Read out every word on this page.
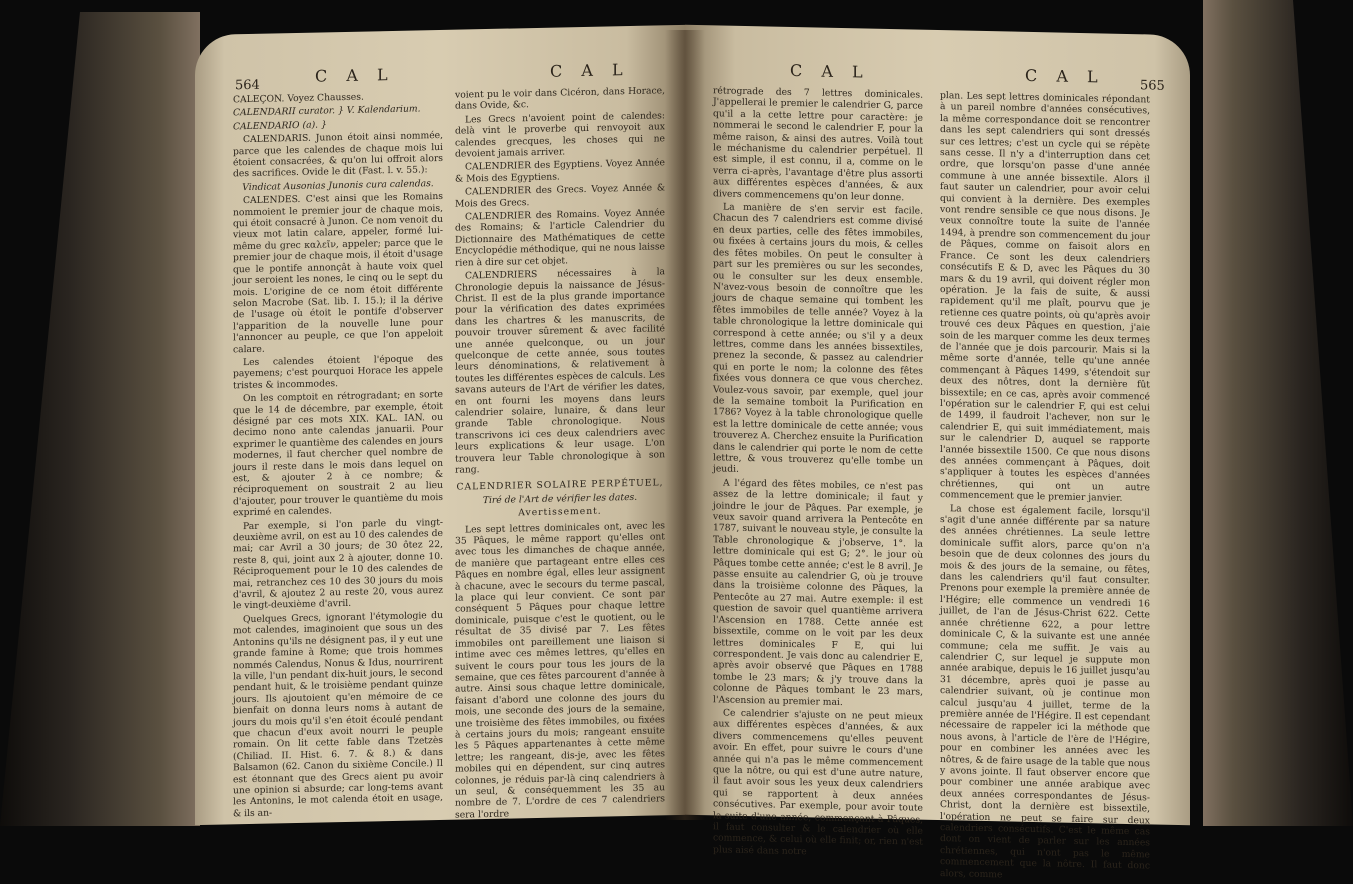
564	C A L	C A L

CALEÇON. Voyez Chausses.

CALENDARII curator. } V. Kalendarium.

CALENDARIO (a). }

CALENDARIS. Junon étoit ainsi nommée, parce que les calendes de chaque mois lui étoient consacrées, & qu'on lui offroit alors des sacrifices. Ovide le dit (Fast. l. v. 55.):

Vindicat Ausonias Junonis cura calendas.

CALENDES. C'est ainsi que les Romains nommoient le premier jour de chaque mois, qui étoit consacré à Junon. Ce nom venoit du vieux mot latin calare, appeler, formé lui-même du grec καλεῖν, appeler; parce que le premier jour de chaque mois, il étoit d'usage que le pontife annonçât à haute voix quel jour seroient les nones, le cinq ou le sept du mois. L'origine de ce nom étoit différente selon Macrobe (Sat. lib. I. 15.); il la dérive de l'usage où étoit le pontife d'observer l'apparition de la nouvelle lune pour l'annoncer au peuple, ce que l'on appeloit calare.

Les calendes étoient l'époque des payemens; c'est pourquoi Horace les appele tristes & incommodes.

On les comptoit en rétrogradant; en sorte que le 14 de décembre, par exemple, étoit désigné par ces mots XIX. KAL. IAN. ou decimo nono ante calendas januarii. Pour exprimer le quantième des calendes en jours modernes, il faut chercher quel nombre de jours il reste dans le mois dans lequel on est, & ajouter 2 à ce nombre; & réciproquement on soustrait 2 au lieu d'ajouter, pour trouver le quantième du mois exprimé en calendes.

Par exemple, si l'on parle du vingt-deuxième avril, on est au 10 des calendes de mai; car Avril a 30 jours; de 30 ôtez 22, reste 8, qui, joint aux 2 à ajouter, donne 10. Réciproquement pour le 10 des calendes de mai, retranchez ces 10 des 30 jours du mois d'avril, & ajoutez 2 au reste 20, vous aurez le vingt-deuxième d'avril.

Quelques Grecs, ignorant l'étymologie du mot calendes, imaginoient que sous un des Antonins qu'ils ne désignent pas, il y eut une grande famine à Rome; que trois hommes nommés Calendus, Nonus & Idus, nourrirent la ville, l'un pendant dix-huit jours, le second pendant huit, & le troisième pendant quinze jours. Ils ajoutoient qu'en mémoire de ce bienfait on donna leurs noms à autant de jours du mois qu'il s'en étoit écoulé pendant que chacun d'eux avoit nourri le peuple romain. On lit cette fable dans Tzetzès (Chiliad. II. Hist. 6. 7. & 8.) & dans Balsamon (62. Canon du sixième Concile.) Il est étonnant que des Grecs aient pu avoir une opinion si absurde; car long-tems avant les Antonins, le mot calenda étoit en usage, & ils an-

voient pu le voir dans Cicéron, dans Horace, dans Ovide, &c.

Les Grecs n'avoient point de calendes: delà vint le proverbe qui renvoyoit aux calendes grecques, les choses qui ne devoient jamais arriver.

CALENDRIER des Egyptiens. Voyez Année & Mois des Egyptiens.

CALENDRIER des Grecs. Voyez Année & Mois des Grecs.

CALENDRIER des Romains. Voyez Année des Romains; & l'article Calendrier du Dictionnaire des Mathématiques de cette Encyclopédie méthodique, qui ne nous laisse rien à dire sur cet objet.

CALENDRIERS nécessaires à la Chronologie depuis la naissance de Jésus-Christ. Il est de la plus grande importance pour la vérification des dates exprimées dans les chartres & les manuscrits, de pouvoir trouver sûrement & avec facilité une année quelconque, ou un jour quelconque de cette année, sous toutes leurs dénominations, & relativement à toutes les différentes espèces de calculs. Les savans auteurs de l'Art de vérifier les dates, en ont fourni les moyens dans leurs calendrier solaire, lunaire, & dans leur grande Table chronologique. Nous transcrivons ici ces deux calendriers avec leurs explications & leur usage. L'on trouvera leur Table chronologique à son rang.

CALENDRIER SOLAIRE PERPÉTUEL,

Tiré de l'Art de vérifier les dates.

Avertissement.

Les sept lettres dominicales ont, avec les 35 Pâques, le même rapport qu'elles ont avec tous les dimanches de chaque année, de manière que partageant entre elles ces Pâques en nombre égal, elles leur assignent à chacune, avec le secours du terme pascal, la place qui leur convient. Ce sont par conséquent 5 Pâques pour chaque lettre dominicale, puisque c'est le quotient, ou le résultat de 35 divisé par 7. Les fêtes immobiles ont pareillement une liaison si intime avec ces mêmes lettres, qu'elles en suivent le cours pour tous les jours de la semaine, que ces fêtes parcourent d'année à autre. Ainsi sous chaque lettre dominicale, faisant d'abord une colonne des jours du mois, une seconde des jours de la semaine, une troisième des fêtes immobiles, ou fixées à certains jours du mois; rangeant ensuite les 5 Pâques appartenantes à cette même lettre; les rangeant, dis-je, avec les fêtes mobiles qui en dépendent, sur cinq autres colonnes, je réduis par-là cinq calendriers à un seul, & conséquemment les 35 au nombre de 7. L'ordre de ces 7 calendriers sera l'ordre

C A L	C A L	565

rétrograde des 7 lettres dominicales. J'appellerai le premier le calendrier G, parce qu'il a la cette lettre pour caractère: je nommerai le second le calendrier F, pour la même raison, & ainsi des autres. Voilà tout le méchanisme du calendrier perpétuel. Il est simple, il est connu, il a, comme on le verra ci-après, l'avantage d'être plus assorti aux différentes espèces d'années, & aux divers commencemens qu'on leur donne.

La manière de s'en servir est facile. Chacun des 7 calendriers est comme divisé en deux parties, celle des fêtes immobiles, ou fixées à certains jours du mois, & celles des fêtes mobiles. On peut le consulter à part sur les premières ou sur les secondes, ou le consulter sur les deux ensemble. N'avez-vous besoin de connoître que les jours de chaque semaine qui tombent les fêtes immobiles de telle année? Voyez à la table chronologique la lettre dominicale qui correspond à cette année; ou s'il y a deux lettres, comme dans les années bissextiles, prenez la seconde, & passez au calendrier qui en porte le nom; la colonne des fêtes fixées vous donnera ce que vous cherchez. Voulez-vous savoir, par exemple, quel jour de la semaine tomboit la Purification en 1786? Voyez à la table chronologique quelle est la lettre dominicale de cette année; vous trouverez A. Cherchez ensuite la Purification dans le calendrier qui porte le nom de cette lettre, & vous trouverez qu'elle tombe un jeudi.

A l'égard des fêtes mobiles, ce n'est pas assez de la lettre dominicale; il faut y joindre le jour de Pâques. Par exemple, je veux savoir quand arrivera la Pentecôte en 1787, suivant le nouveau style, je consulte la Table chronologique & j'observe, 1°. la lettre dominicale qui est G; 2°. le jour où Pâques tombe cette année; c'est le 8 avril. Je passe ensuite au calendrier G, où je trouve dans la troisième colonne des Pâques, la Pentecôte au 27 mai. Autre exemple: il est question de savoir quel quantième arrivera l'Ascension en 1788. Cette année est bissextile, comme on le voit par les deux lettres dominicales F E, qui lui correspondent. Je vais donc au calendrier E, après avoir observé que Pâques en 1788 tombe le 23 mars; & j'y trouve dans la colonne de Pâques tombant le 23 mars, l'Ascension au premier mai.

Ce calendrier s'ajuste on ne peut mieux aux différentes espèces d'années, & aux divers commencemens qu'elles peuvent avoir. En effet, pour suivre le cours d'une année qui n'a pas le même commencement que la nôtre, ou qui est d'une autre nature, il faut avoir sous les yeux deux calendriers qui se rapportent à deux années consécutives. Par exemple, pour avoir toute la suite d'une année, commençant à Pâques, il faut consulter & le calendrier où elle commence, & celui où elle finit; or, rien n'est plus aisé dans notre

plan. Les sept lettres dominicales répondant à un pareil nombre d'années consécutives, la même correspondance doit se rencontrer dans les sept calendriers qui sont dressés sur ces lettres; c'est un cycle qui se répète sans cesse. Il n'y a d'interruption dans cet ordre, que lorsqu'on passe d'une année commune à une année bissextile. Alors il faut sauter un calendrier, pour avoir celui qui convient à la dernière. Des exemples vont rendre sensible ce que nous disons. Je veux connoître toute la suite de l'année 1494, à prendre son commencement du jour de Pâques, comme on faisoit alors en France. Ce sont les deux calendriers consécutifs E & D, avec les Pâques du 30 mars & du 19 avril, qui doivent régler mon opération. Je la fais de suite, & aussi rapidement qu'il me plaît, pourvu que je retienne ces quatre points, où qu'après avoir trouvé ces deux Pâques en question, j'aie soin de les marquer comme les deux termes de l'année que je dois parcourir. Mais si la même sorte d'année, telle qu'une année commençant à Pâques 1499, s'étendoit sur deux des nôtres, dont la dernière fût bissextile; en ce cas, après avoir commencé l'opération sur le calendrier F, qui est celui de 1499, il faudroit l'achever, non sur le calendrier E, qui suit immédiatement, mais sur le calendrier D, auquel se rapporte l'année bissextile 1500. Ce que nous disons des années commençant à Pâques, doit s'appliquer à toutes les espèces d'années chrétiennes, qui ont un autre commencement que le premier janvier.

La chose est également facile, lorsqu'il s'agit d'une année différente par sa nature des années chrétiennes. La seule lettre dominicale suffit alors, parce qu'on n'a besoin que de deux colonnes des jours du mois & des jours de la semaine, ou fêtes, dans les calendriers qu'il faut consulter. Prenons pour exemple la première année de l'Hégire; elle commence un vendredi 16 juillet, de l'an de Jésus-Christ 622. Cette année chrétienne 622, a pour lettre dominicale C, & la suivante est une année commune; cela me suffit. Je vais au calendrier C, sur lequel je suppute mon année arabique, depuis le 16 juillet jusqu'au 31 décembre, après quoi je passe au calendrier suivant, où je continue mon calcul jusqu'au 4 juillet, terme de la première année de l'Hégire. Il est cependant nécessaire de rappeler ici la méthode que nous avons, à l'article de l'ère de l'Hégire, pour en combiner les années avec les nôtres, & de faire usage de la table que nous y avons jointe. Il faut observer encore que pour combiner une année arabique avec deux années correspondantes de Jésus-Christ, dont la dernière est bissextile, l'opération ne peut se faire sur deux calendriers consécutifs. C'est le même cas dont on vient de parler sur les années chrétiennes, qui n'ont pas le même commencement que la nôtre. Il faut donc alors, comme
